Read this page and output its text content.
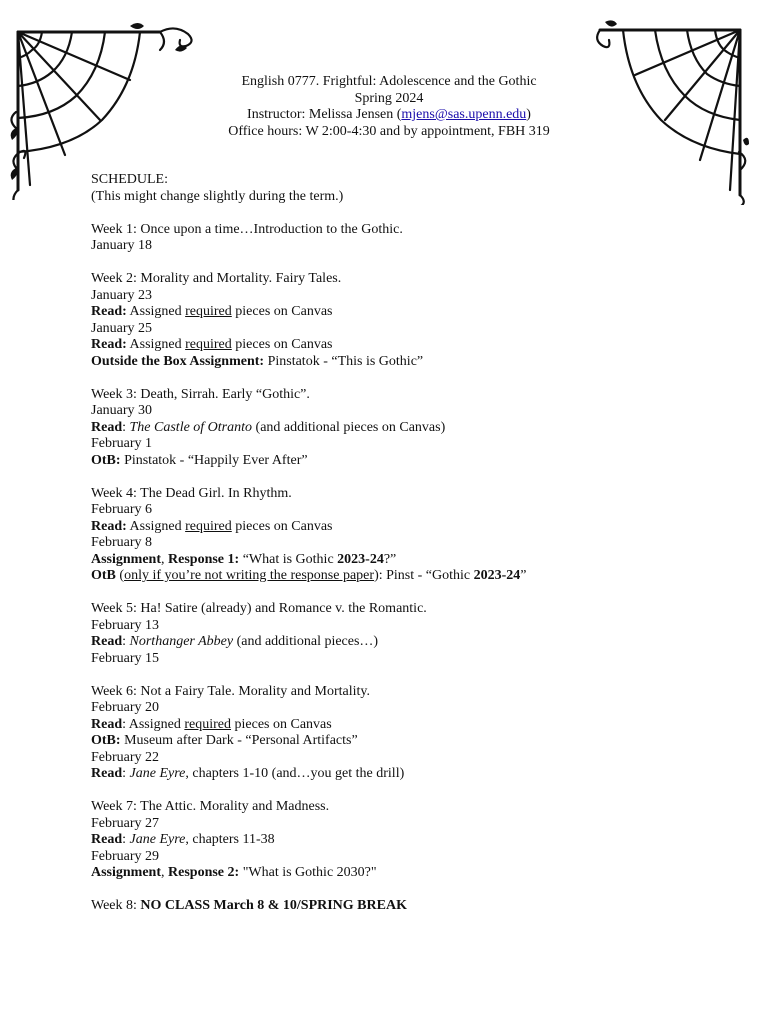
English 0777. Frightful: Adolescence and the Gothic
Spring 2024
Instructor: Melissa Jensen (mjens@sas.upenn.edu)
Office hours: W 2:00-4:30 and by appointment, FBH 319
SCHEDULE:
(This might change slightly during the term.)
Week 1: Once upon a time…Introduction to the Gothic.
January 18
Week 2: Morality and Mortality. Fairy Tales.
January 23
Read: Assigned required pieces on Canvas
January 25
Read: Assigned required pieces on Canvas
Outside the Box Assignment: Pinstatok - “This is Gothic”
Week 3: Death, Sirrah. Early “Gothic”.
January 30
Read: The Castle of Otranto (and additional pieces on Canvas)
February 1
OtB: Pinstatok - “Happily Ever After”
Week 4: The Dead Girl. In Rhythm.
February 6
Read: Assigned required pieces on Canvas
February 8
Assignment, Response 1: “What is Gothic 2023-24?”
OtB (only if you’re not writing the response paper): Pinst - “Gothic 2023-24”
Week 5: Ha! Satire (already) and Romance v. the Romantic.
February 13
Read: Northanger Abbey (and additional pieces…)
February 15
Week 6: Not a Fairy Tale. Morality and Mortality.
February 20
Read: Assigned required pieces on Canvas
OtB: Museum after Dark - “Personal Artifacts”
February 22
Read: Jane Eyre, chapters 1-10 (and…you get the drill)
Week 7: The Attic. Morality and Madness.
February 27
Read: Jane Eyre, chapters 11-38
February 29
Assignment, Response 2: "What is Gothic 2030?"
Week 8: NO CLASS March 8 & 10/SPRING BREAK
